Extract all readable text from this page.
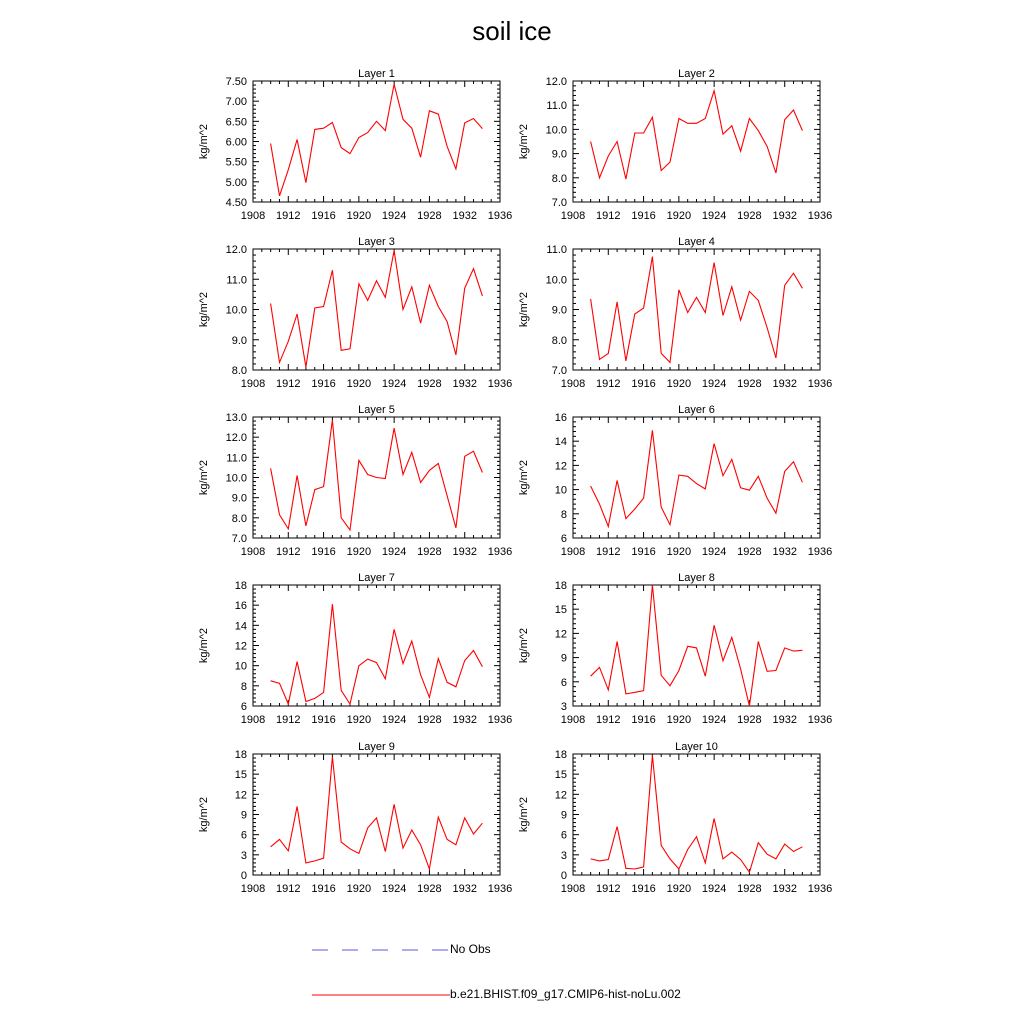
soil ice
Layer 1
kg/m^2
1908 1912 1916 1920 1924 1928 1932 1936
4.50
5.00
5.50
6.00
6.50
7.00
7.50
Layer 2
kg/m^2
1908 1912 1916 1920 1924 1928 1932 1936
7.0
8.0
9.0
10.0
11.0
12.0
Layer 3
kg/m^2
1908 1912 1916 1920 1924 1928 1932 1936
8.0
9.0
10.0
11.0
12.0
Layer 4
kg/m^2
1908 1912 1916 1920 1924 1928 1932 1936
7.0
8.0
9.0
10.0
11.0
Layer 5
kg/m^2
1908 1912 1916 1920 1924 1928 1932 1936
7.0
8.0
9.0
10.0
11.0
12.0
13.0
Layer 6
kg/m^2
1908 1912 1916 1920 1924 1928 1932 1936
6
8
10
12
14
16
Layer 7
kg/m^2
1908 1912 1916 1920 1924 1928 1932 1936
6
8
10
12
14
16
18
Layer 8
kg/m^2
1908 1912 1916 1920 1924 1928 1932 1936
3
6
9
12
15
18
Layer 9
kg/m^2
1908 1912 1916 1920 1924 1928 1932 1936
0
3
6
9
12
15
18
Layer 10
kg/m^2
1908 1912 1916 1920 1924 1928 1932 1936
0
3
6
9
12
15
18
No Obs
b.e21.BHIST.f09_g17.CMIP6-hist-noLu.002
